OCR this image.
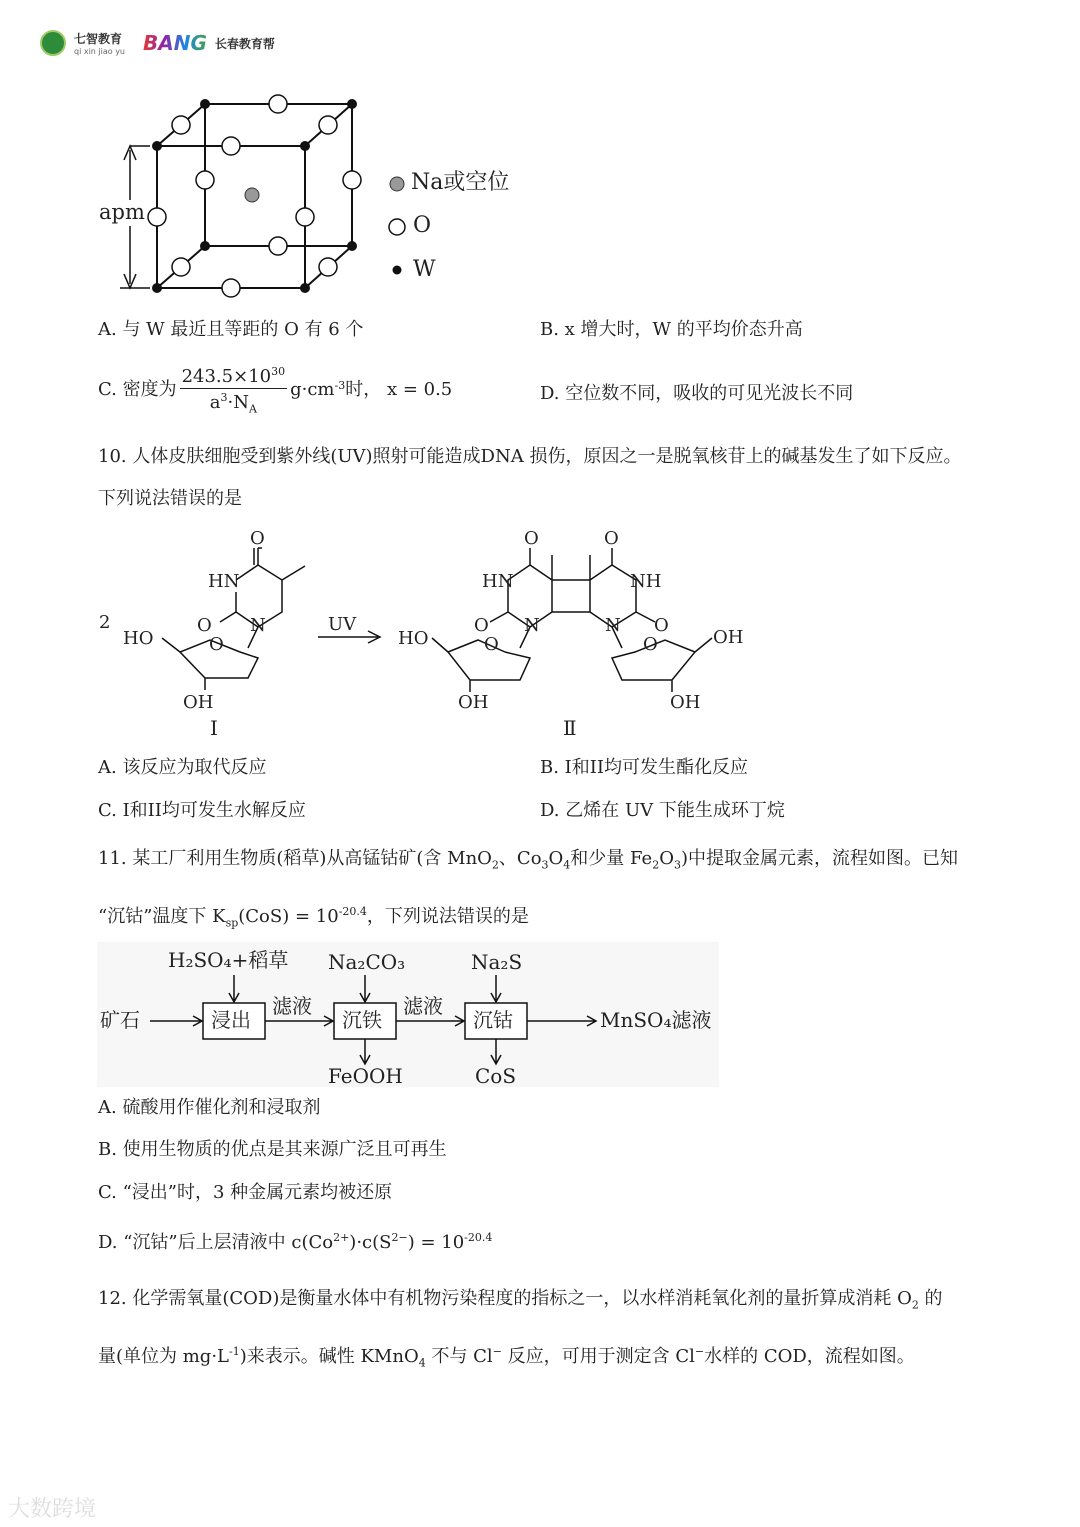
七智教育
qi xin jiao yu BANG 长春教育帮
apm
Na或空位
O
W
A. 与 W 最近且等距的 O 有 6 个	B. x 增大时，W 的平均价态升高
C. 密度为 $\frac{243.5\times 10^{30}}{a^3\cdot N_A} g\cdot cm^{-3}$ 时， x = 0.5	D. 空位数不同，吸收的可见光波长不同
10. 人体皮肤细胞受到紫外线(UV)照射可能造成DNA 损伤，原因之一是脱氧核苷上的碱基发生了如下反应。
下列说法错误的是
2
O
HN
O N
HO	O
OH
I
UV
O	O
HN	NH
O N	N O
HO	OH
O	O
OH	OH
Ⅱ
A. 该反应为取代反应	B. I和II均可发生酯化反应
C. I和II均可发生水解反应	D. 乙烯在 UV 下能生成环丁烷
11. 某工厂利用生物质(稻草)从高锰钴矿(含 MnO$_2$、$Co_3O_4$和少量 $Fe_2O_3$)中提取金属元素，流程如图。已知
“沉钴”温度下 $K_{sp}(CoS) = 10^{-20.4}$，下列说法错误的是
H₂SO₄+稻草 Na₂CO₃	Na₂S
矿石	浸出	沉铁	沉钴
滤液	滤液
MnSO₄滤液
FeOOH	CoS
A. 硫酸用作催化剂和浸取剂
B. 使用生物质的优点是其来源广泛且可再生
C. “浸出”时，3 种金属元素均被还原
D. “沉钴”后上层清液中 $c(Co^{2+})\cdot c(S^{2-}) = 10^{-20.4}$
12. 化学需氧量(COD)是衡量水体中有机物污染程度的指标之一，以水样消耗氧化剂的量折算成消耗 $O_2$ 的
量(单位为 $mg\cdot L^{-1}$)来表示。碱性 KMnO$_4$ 不与 Cl− 反应，可用于测定含 Cl−水样的 COD，流程如图。
大数跨境
